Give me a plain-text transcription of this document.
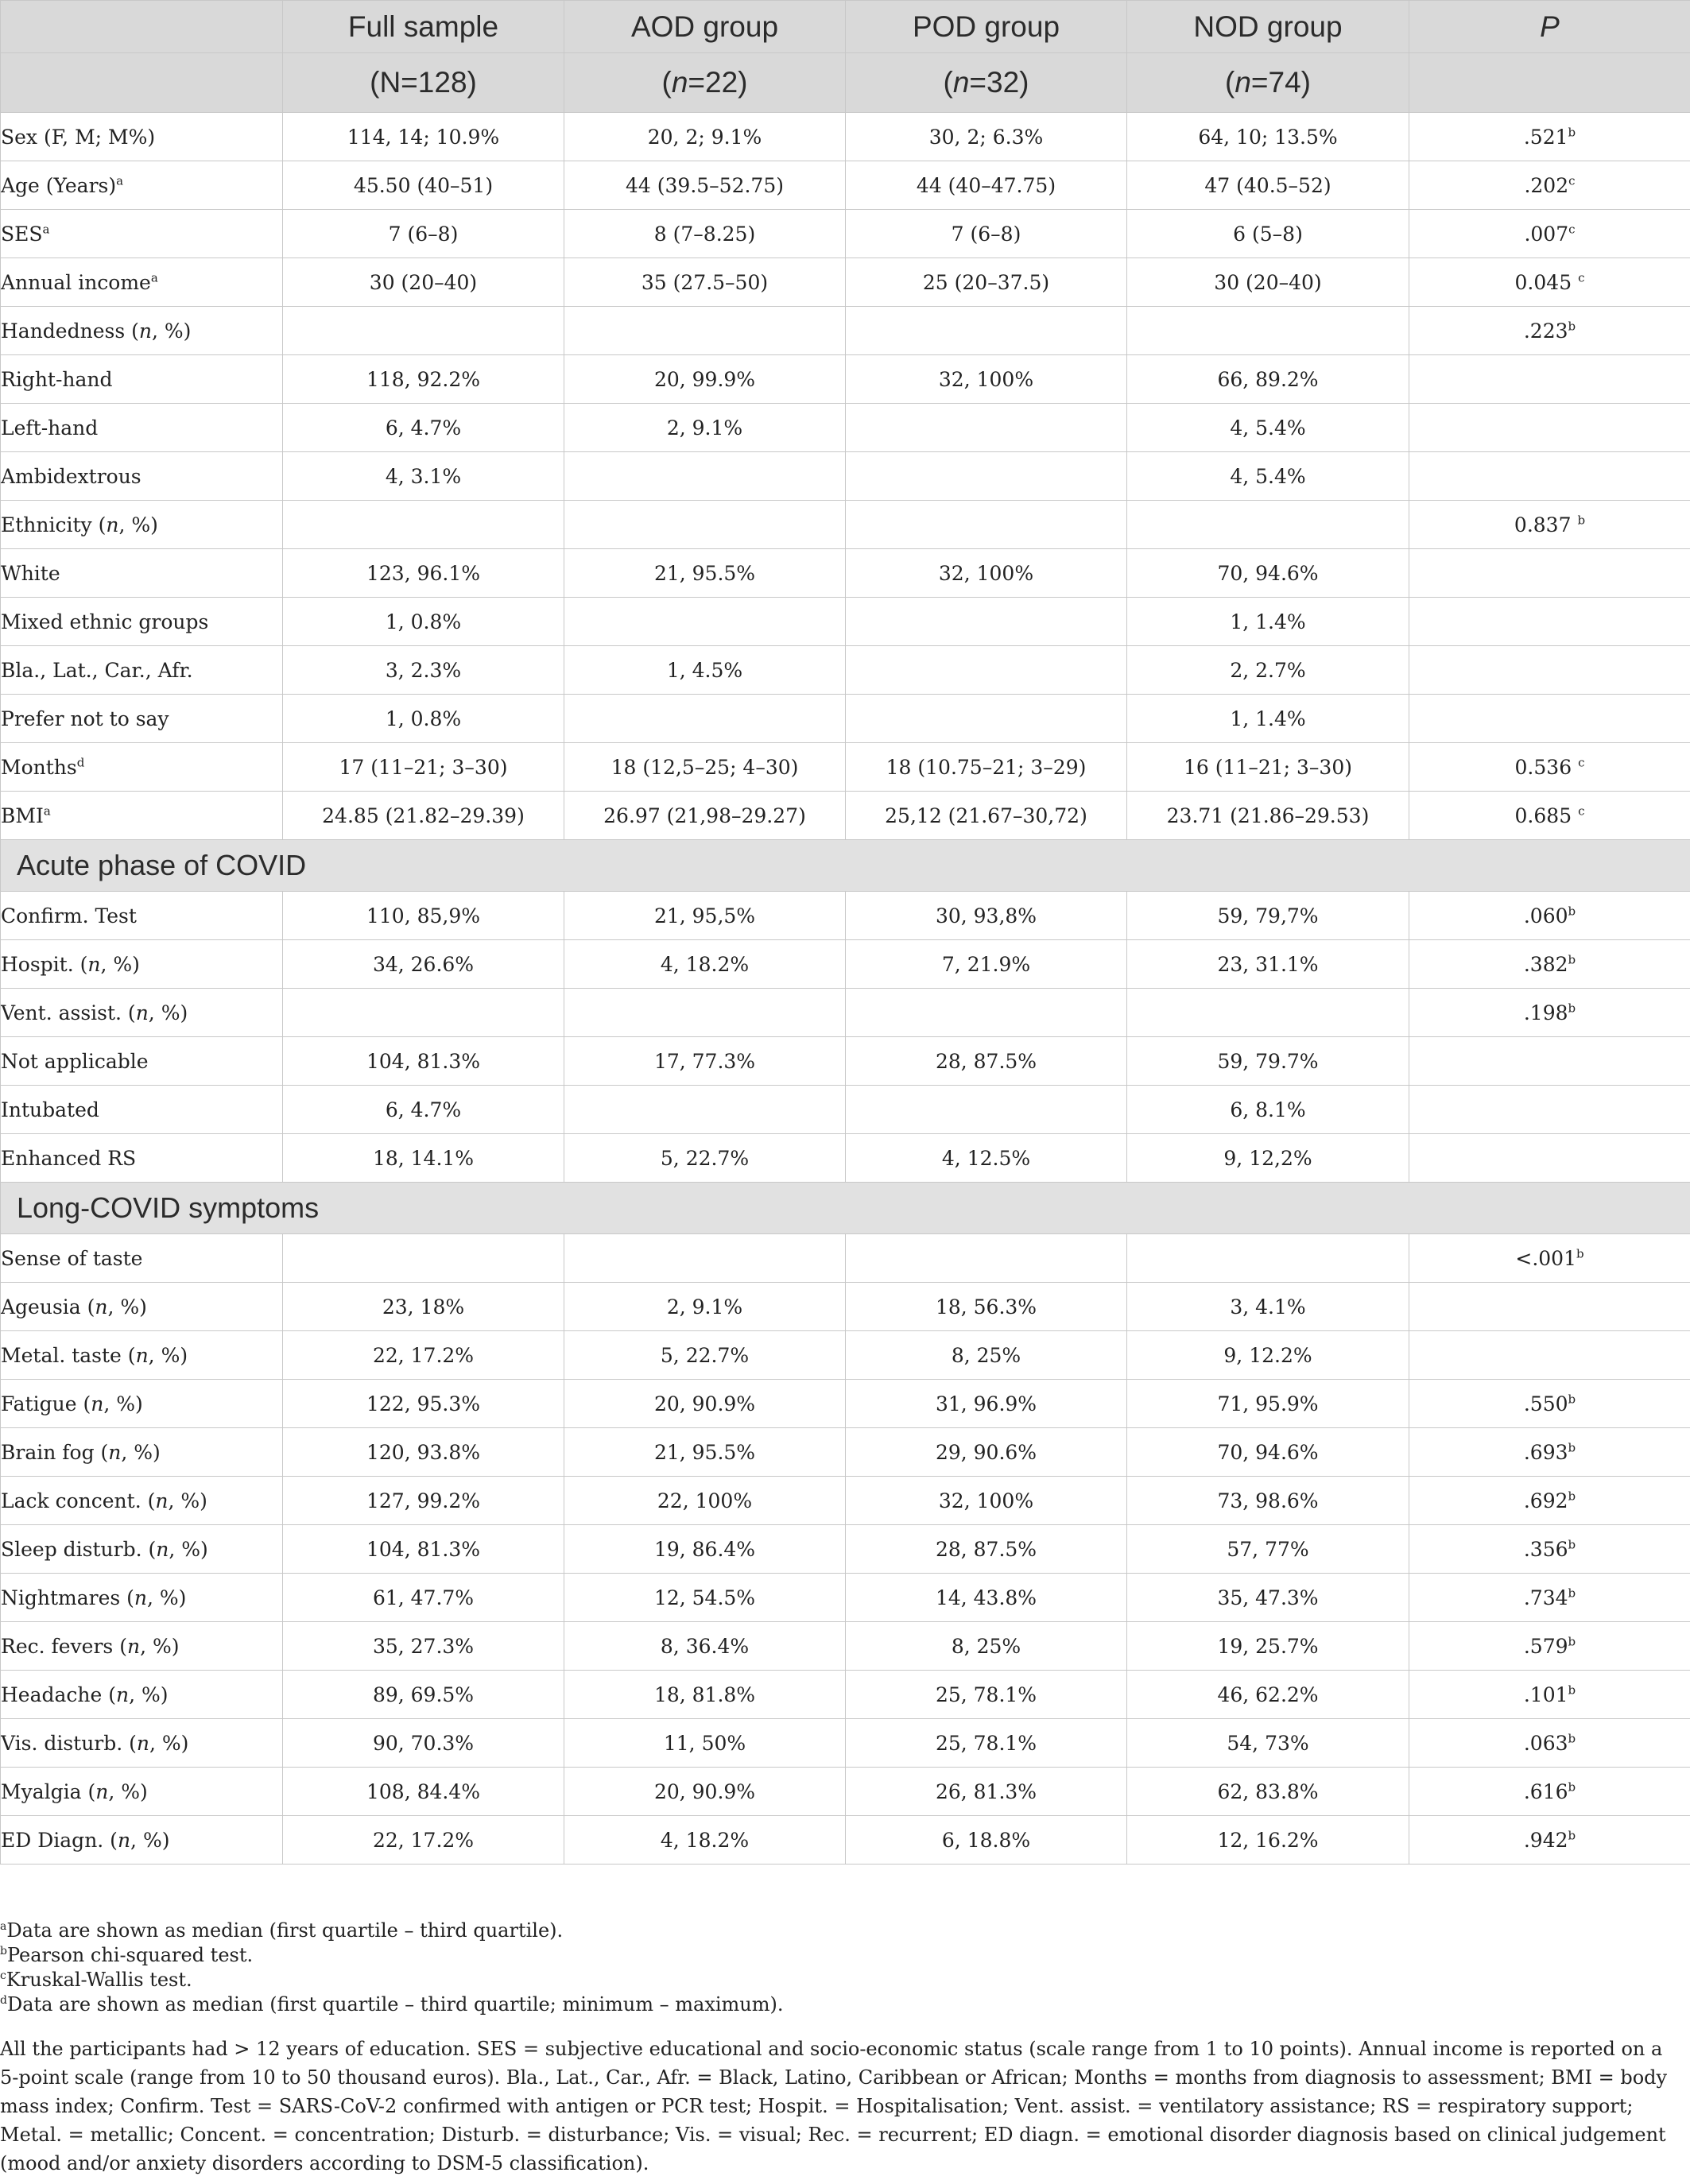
	Full sample	AOD group	POD group	NOD group	P
	(N=128)	(n=22)	(n=32)	(n=74)	
Sex (F, M; M%)	114, 14; 10.9%	20, 2; 9.1%	30, 2; 6.3%	64, 10; 13.5%	.521$^b$
Age (Years)$^a$	45.50 (40–51)	44 (39.5–52.75)	44 (40–47.75)	47 (40.5–52)	.202$^c$
SES$^a$	7 (6–8)	8 (7–8.25)	7 (6–8)	6 (5–8)	.007$^c$
Annual income$^a$	30 (20–40)	35 (27.5–50)	25 (20–37.5)	30 (20–40)	0.045 $^c$
Handedness (n, %)					.223$^b$
Right-hand	118, 92.2%	20, 99.9%	32, 100%	66, 89.2%	
Left-hand	6, 4.7%	2, 9.1%		4, 5.4%	
Ambidextrous	4, 3.1%			4, 5.4%	
Ethnicity (n, %)					0.837 $^b$
White	123, 96.1%	21, 95.5%	32, 100%	70, 94.6%	
Mixed ethnic groups	1, 0.8%			1, 1.4%	
Bla., Lat., Car., Afr.	3, 2.3%	1, 4.5%		2, 2.7%	
Prefer not to say	1, 0.8%			1, 1.4%	
Months$^d$	17 (11–21; 3–30)	18 (12,5–25; 4–30)	18 (10.75–21; 3–29)	16 (11–21; 3–30)	0.536 $^c$
BMI$^a$	24.85 (21.82–29.39)	26.97 (21,98–29.27)	25,12 (21.67–30,72)	23.71 (21.86–29.53)	0.685 $^c$
Acute phase of COVID					
Confirm. Test	110, 85,9%	21, 95,5%	30, 93,8%	59, 79,7%	.060$^b$
Hospit. (n, %)	34, 26.6%	4, 18.2%	7, 21.9%	23, 31.1%	.382$^b$
Vent. assist. (n, %)					.198$^b$
Not applicable	104, 81.3%	17, 77.3%	28, 87.5%	59, 79.7%	
Intubated	6, 4.7%			6, 8.1%	
Enhanced RS	18, 14.1%	5, 22.7%	4, 12.5%	9, 12,2%	
Long-COVID symptoms					
Sense of taste					<.001$^b$
Ageusia (n, %)	23, 18%	2, 9.1%	18, 56.3%	3, 4.1%	
Metal. taste (n, %)	22, 17.2%	5, 22.7%	8, 25%	9, 12.2%	
Fatigue (n, %)	122, 95.3%	20, 90.9%	31, 96.9%	71, 95.9%	.550$^b$
Brain fog (n, %)	120, 93.8%	21, 95.5%	29, 90.6%	70, 94.6%	.693$^b$
Lack concent. (n, %)	127, 99.2%	22, 100%	32, 100%	73, 98.6%	.692$^b$
Sleep disturb. (n, %)	104, 81.3%	19, 86.4%	28, 87.5%	57, 77%	.356$^b$
Nightmares (n, %)	61, 47.7%	12, 54.5%	14, 43.8%	35, 47.3%	.734$^b$
Rec. fevers (n, %)	35, 27.3%	8, 36.4%	8, 25%	19, 25.7%	.579$^b$
Headache (n, %)	89, 69.5%	18, 81.8%	25, 78.1%	46, 62.2%	.101$^b$
Vis. disturb. (n, %)	90, 70.3%	11, 50%	25, 78.1%	54, 73%	.063$^b$
Myalgia (n, %)	108, 84.4%	20, 90.9%	26, 81.3%	62, 83.8%	.616$^b$
ED Diagn. (n, %)	22, 17.2%	4, 18.2%	6, 18.8%	12, 16.2%	.942$^b$
$^a$Data are shown as median (first quartile – third quartile).
$^b$Pearson chi-squared test.
$^c$Kruskal-Wallis test.
$^d$Data are shown as median (first quartile – third quartile; minimum – maximum).

All the participants had > 12 years of education. SES = subjective educational and socio-economic status (scale range from 1 to 10 points). Annual income is reported on a 5-point scale (range from 10 to 50 thousand euros). Bla., Lat., Car., Afr. = Black, Latino, Caribbean or African; Months = months from diagnosis to assessment; BMI = body mass index; Confirm. Test = SARS-CoV-2 confirmed with antigen or PCR test; Hospit. = Hospitalisation; Vent. assist. = ventilatory assistance; RS = respiratory support; Metal. = metallic; Concent. = concentration; Disturb. = disturbance; Vis. = visual; Rec. = recurrent; ED diagn. = emotional disorder diagnosis based on clinical judgement (mood and/or anxiety disorders according to DSM-5 classification).
